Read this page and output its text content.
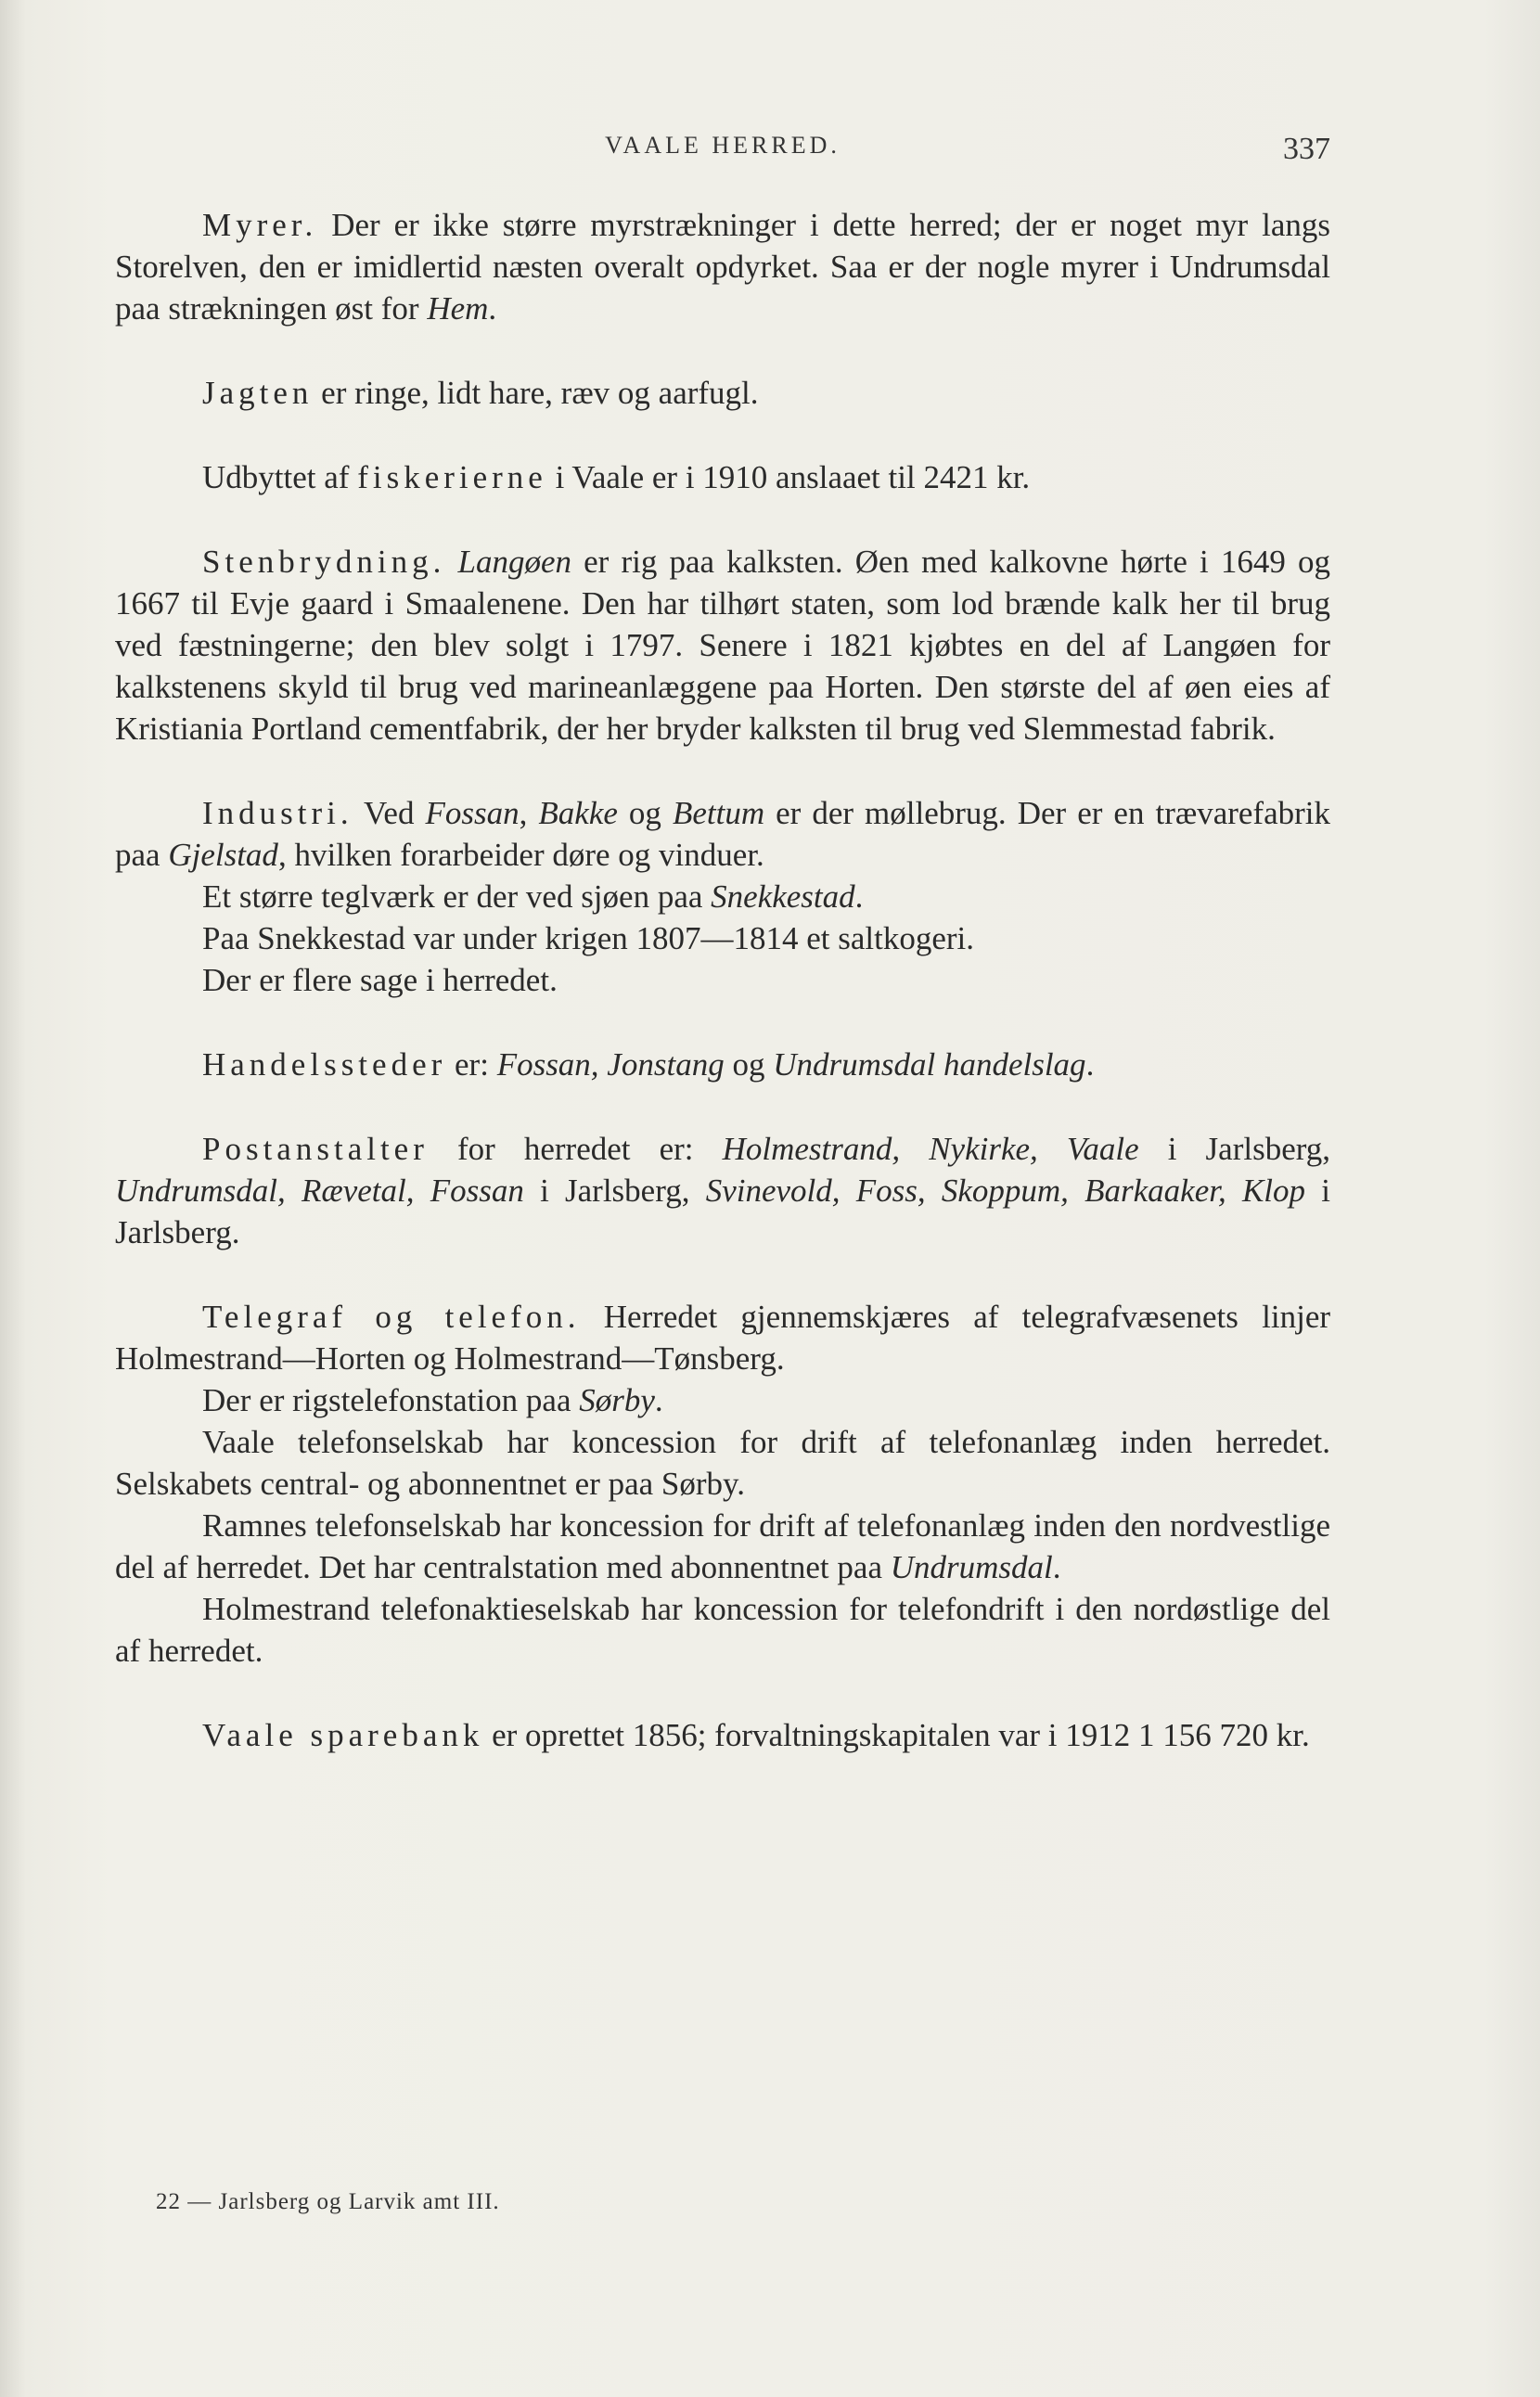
VAALE HERRED.	337

Myrer. Der er ikke større myrstrækninger i dette herred; der er noget myr langs Storelven, den er imidlertid næsten overalt opdyrket. Saa er der nogle myrer i Undrumsdal paa strækningen øst for Hem.

Jagten er ringe, lidt hare, ræv og aarfugl.

Udbyttet af fiskerierne i Vaale er i 1910 anslaaet til 2421 kr.

Stenbrydning. Langøen er rig paa kalksten. Øen med kalkovne hørte i 1649 og 1667 til Evje gaard i Smaalenene. Den har tilhørt staten, som lod brænde kalk her til brug ved fæstningerne; den blev solgt i 1797. Senere i 1821 kjøbtes en del af Langøen for kalkstenens skyld til brug ved marineanlæggene paa Horten. Den største del af øen eies af Kristiania Portland cementfabrik, der her bryder kalksten til brug ved Slemmestad fabrik.

Industri. Ved Fossan, Bakke og Bettum er der møllebrug. Der er en trævarefabrik paa Gjelstad, hvilken forarbeider døre og vinduer.

Et større teglværk er der ved sjøen paa Snekkestad.

Paa Snekkestad var under krigen 1807—1814 et saltkogeri.

Der er flere sage i herredet.

Handelssteder er: Fossan, Jonstang og Undrumsdal handelslag.

Postanstalter for herredet er: Holmestrand, Nykirke, Vaale i Jarlsberg, Undrumsdal, Rævetal, Fossan i Jarlsberg, Svinevold, Foss, Skoppum, Barkaaker, Klop i Jarlsberg.

Telegraf og telefon. Herredet gjennemskjæres af telegrafvæsenets linjer Holmestrand—Horten og Holmestrand—Tønsberg.

Der er rigstelefonstation paa Sørby.

Vaale telefonselskab har koncession for drift af telefonanlæg inden herredet. Selskabets central- og abonnentnet er paa Sørby.

Ramnes telefonselskab har koncession for drift af telefonanlæg inden den nordvestlige del af herredet. Det har centralstation med abonnentnet paa Undrumsdal.

Holmestrand telefonaktieselskab har koncession for telefondrift i den nordøstlige del af herredet.

Vaale sparebank er oprettet 1856; forvaltningskapitalen var i 1912 1 156 720 kr.

22 — Jarlsberg og Larvik amt III.
